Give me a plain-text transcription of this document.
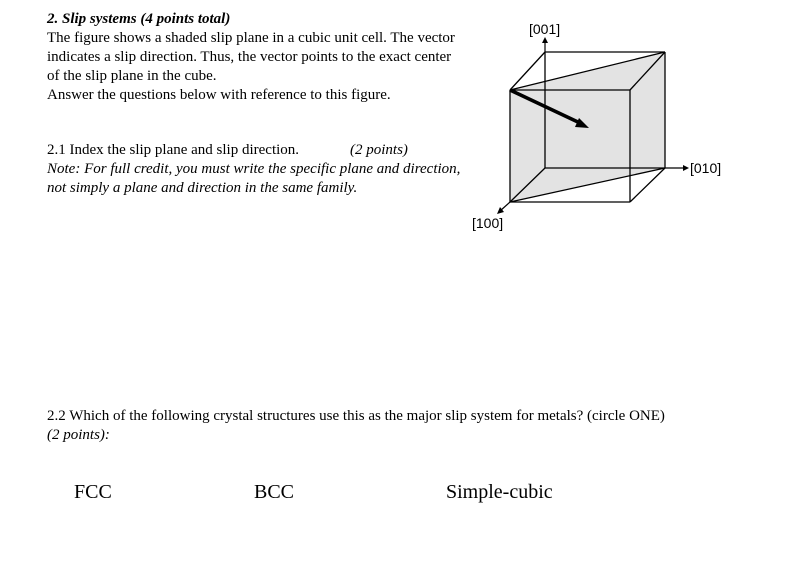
2. Slip systems (4 points total)
The figure shows a shaded slip plane in a cubic unit cell. The vector indicates a slip direction. Thus, the vector points to the exact center of the slip plane in the cube.
Answer the questions below with reference to this figure.
2.1 Index the slip plane and slip direction.	(2 points)
Note: For full credit, you must write the specific plane and direction, not simply a plane and direction in the same family.
[001]
[010]
[100]
2.2 Which of the following crystal structures use this as the major slip system for metals? (circle ONE)
(2 points):
FCC	BCC	Simple-cubic
